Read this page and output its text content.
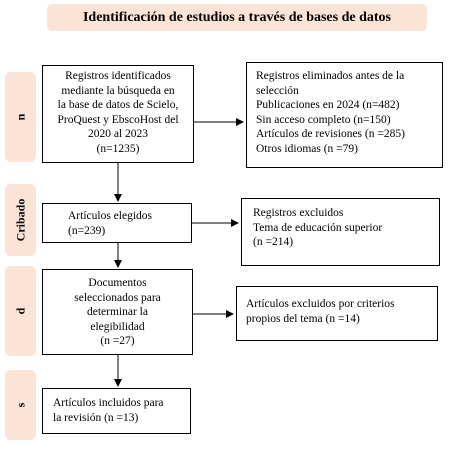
Identificación de estudios a través de bases de datos
n
Cribado
d
s
Registros identificados
mediante la búsqueda en
la base de datos de Scielo,
ProQuest y EbscoHost del
2020 al 2023
(n=1235)
Registros eliminados antes de la
selección
Publicaciones en 2024 (n=482)
Sin acceso completo (n=150)
Artículos de revisiones (n =285)
Otros idiomas (n =79)
Artículos elegidos
(n=239)
Registros excluidos
Tema de educación superior
(n =214)
Documentos
seleccionados para
determinar la
elegibilidad
(n =27)
Artículos excluidos por criterios
propios del tema (n =14)
Artículos incluidos para
la revisión (n =13)
